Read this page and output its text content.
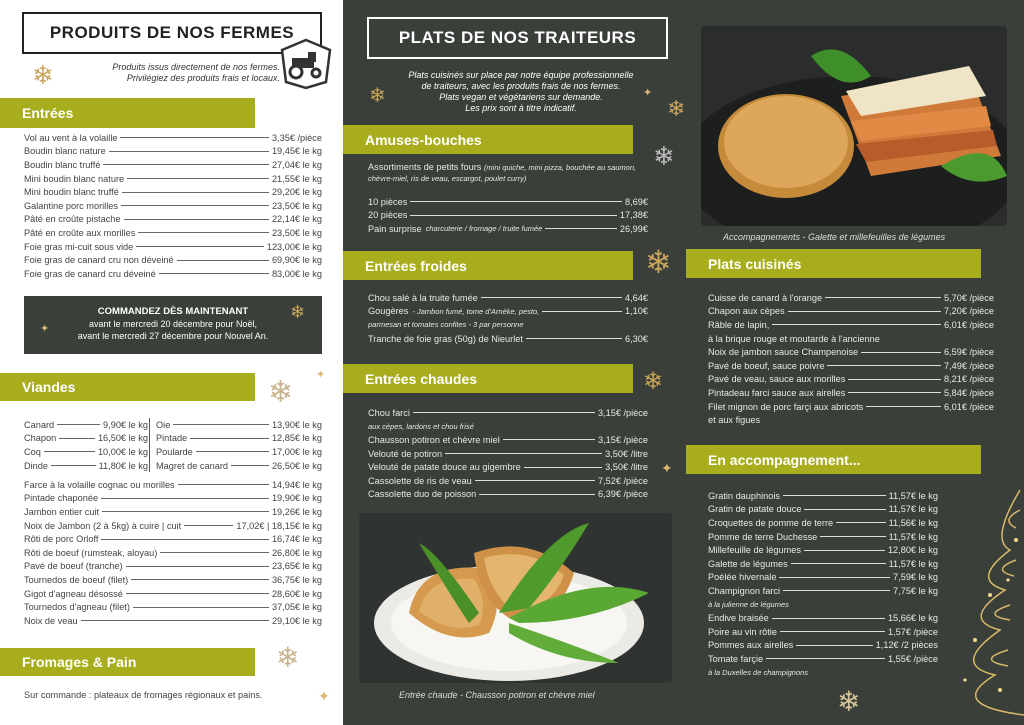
PRODUITS DE NOS FERMES
❄	Produits issus directement de nos fermes.
Privilégiez des produits frais et locaux.
Entrées
Vol au vent à la volaille	3,35€ /pièce
Boudin blanc nature	19,45€ le kg
Boudin blanc truffé	27,04€ le kg
Mini boudin blanc nature	21,55€ le kg
Mini boudin blanc truffé	29,20€ le kg
Galantine porc morilles	23,50€ le kg
Pâté en croûte pistache	22,14€ le kg
Pâté en croûte aux morilles	23,50€ le kg
Foie gras mi-cuit sous vide	123,00€ le kg
Foie gras de canard cru non déveiné	69,90€ le kg
Foie gras de canard cru déveiné	83,00€ le kg
COMMANDEZ DÈS MAINTENANT
avant le mercredi 20 décembre pour Noël,
avant le mercredi 27 décembre pour Nouvel An.
❄
✦
Viandes	❄
✦
Canard	9,90€ le kg
Chapon	16,50€ le kg
Coq	10,00€ le kg
Dinde	11,80€ le kg
Oie	13,90€ le kg
Pintade	12,85€ le kg
Poularde	17,00€ le kg
Magret de canard	26,50€ le kg
Farce à la volaille cognac ou morilles	14,94€ le kg
Pintade chaponée	19,90€ le kg
Jambon entier cuit	19,26€ le kg
Noix de Jambon (2 à 5kg) à cuire | cuit	17,02€ | 18,15€ le kg
Rôti de porc Orloff	16,74€ le kg
Rôti de boeuf (rumsteak, aloyau)	26,80€ le kg
Pavé de boeuf (tranche)	23,65€ le kg
Tournedos de boeuf (filet)	36,75€ le kg
Gigot d'agneau désossé	28,60€ le kg
Tournedos d'agneau (filet)	37,05€ le kg
Noix de veau	29,10€ le kg
Fromages & Pain	❄
Sur commande : plateaux de fromages régionaux et pains.	✦
PLATS DE NOS TRAITEURS
Plats cuisinés sur place par notre équipe professionnelle
de traiteurs, avec les produits frais de nos fermes.
Plats vegan et végétariens sur demande.
Les prix sont à titre indicatif.
❄	❄
✦
Amuses-bouches
❄
Assortiments de petits fours (mini quiche, mini pizza, bouchée au saumon, chèvre-miel, ris de veau, escargot, poulet curry)
10 pièces	8,69€
20 pièces	17,38€
Pain surprise charcuterie / fromage / truite fumée	26,99€
Entrées froides	❄
Chou salé à la truite fumée	4,64€
Gougères - Jambon fumé, tome d'Arnèke, pesto,	1,10€
parmesan et tomates confites - 3 par personne
Tranche de foie gras (50g) de Nieurlet	6,30€
Entrées chaudes	❄
Chou farci	3,15€ /pièce
aux cèpes, lardons et chou frisé
Chausson potiron et chèvre miel	3,15€ /pièce
Velouté de potiron	3,50€ /litre
Velouté de patate douce au gigembre	3,50€ /litre
Cassolette de ris de veau	7,52€ /pièce
Cassolette duo de poisson	6,39€ /pièce
✦
Entrée chaude - Chausson potiron et chèvre miel
Accompagnements - Galette et millefeuilles de légumes
Plats cuisinés
Cuisse de canard à l'orange	5,70€ /pièce
Chapon aux cèpes	7,20€ /pièce
Râble de lapin,	6,01€ /pièce
à la brique rouge et moutarde à l'ancienne
Noix de jambon sauce Champenoise	6,59€ /pièce
Pavé de boeuf, sauce poivre	7,49€ /pièce
Pavé de veau, sauce aux morilles	8,21€ /pièce
Pintadeau farci sauce aux airelles	5,84€ /pièce
Filet mignon de porc farçi aux abricots	6,01€ /pièce
et aux figues
En accompagnement...
Gratin dauphinois	11,57€ le kg
Gratin de patate douce	11,57€ le kg
Croquettes de pomme de terre	11,56€ le kg
Pomme de terre Duchesse	11,57€ le kg
Millefeuille de légumes	12,80€ le kg
Galette de légumes	11,57€ le kg
Poélée hivernale	7,59€ le kg
Champignon farci	7,75€ le kg
à la julienne de légumes
Endive braisée	15,66€ le kg
Poire au vin rôtie	1,57€ /pièce
Pommes aux airelles	1,12€ /2 pièces
Tomate farçie	1,55€ /pièce
à la Duxelles de champignons
❄
